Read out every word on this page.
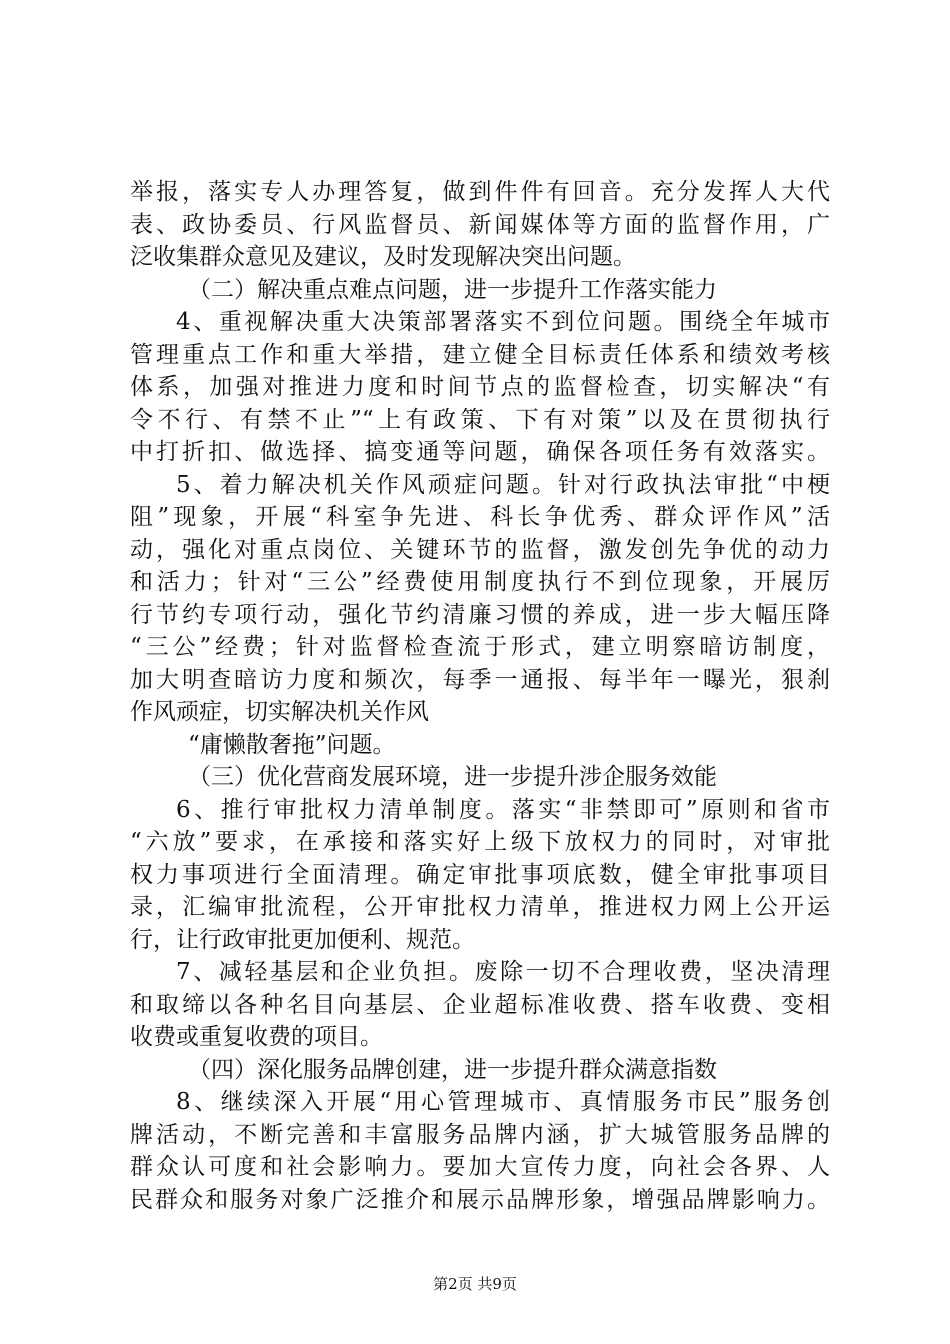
举报，落实专人办理答复，做到件件有回音。充分发挥人大代
表、政协委员、行风监督员、新闻媒体等方面的监督作用，广
泛收集群众意见及建议，及时发现解决突出问题。
（二）解决重点难点问题，进一步提升工作落实能力
4、重视解决重大决策部署落实不到位问题。围绕全年城市
管理重点工作和重大举措，建立健全目标责任体系和绩效考核
体系，加强对推进力度和时间节点的监督检查，切实解决“有
令不行、有禁不止”“上有政策、下有对策”以及在贯彻执行
中打折扣、做选择、搞变通等问题，确保各项任务有效落实。
5、着力解决机关作风顽症问题。针对行政执法审批“中梗
阻”现象，开展“科室争先进、科长争优秀、群众评作风”活
动，强化对重点岗位、关键环节的监督，激发创先争优的动力
和活力；针对“三公”经费使用制度执行不到位现象，开展厉
行节约专项行动，强化节约清廉习惯的养成，进一步大幅压降
“三公”经费；针对监督检查流于形式，建立明察暗访制度，
加大明查暗访力度和频次，每季一通报、每半年一曝光，狠刹
作风顽症，切实解决机关作风
“庸懒散奢拖”问题。
（三）优化营商发展环境，进一步提升涉企服务效能
6、推行审批权力清单制度。落实“非禁即可”原则和省市
“六放”要求，在承接和落实好上级下放权力的同时，对审批
权力事项进行全面清理。确定审批事项底数，健全审批事项目
录，汇编审批流程，公开审批权力清单，推进权力网上公开运
行，让行政审批更加便利、规范。
7、减轻基层和企业负担。废除一切不合理收费，坚决清理
和取缔以各种名目向基层、企业超标准收费、搭车收费、变相
收费或重复收费的项目。
（四）深化服务品牌创建，进一步提升群众满意指数
8、继续深入开展“用心管理城市、真情服务市民”服务创
牌活动，不断完善和丰富服务品牌内涵，扩大城管服务品牌的
群众认可度和社会影响力。要加大宣传力度，向社会各界、人
民群众和服务对象广泛推介和展示品牌形象，增强品牌影响力。
第2页 共9页
